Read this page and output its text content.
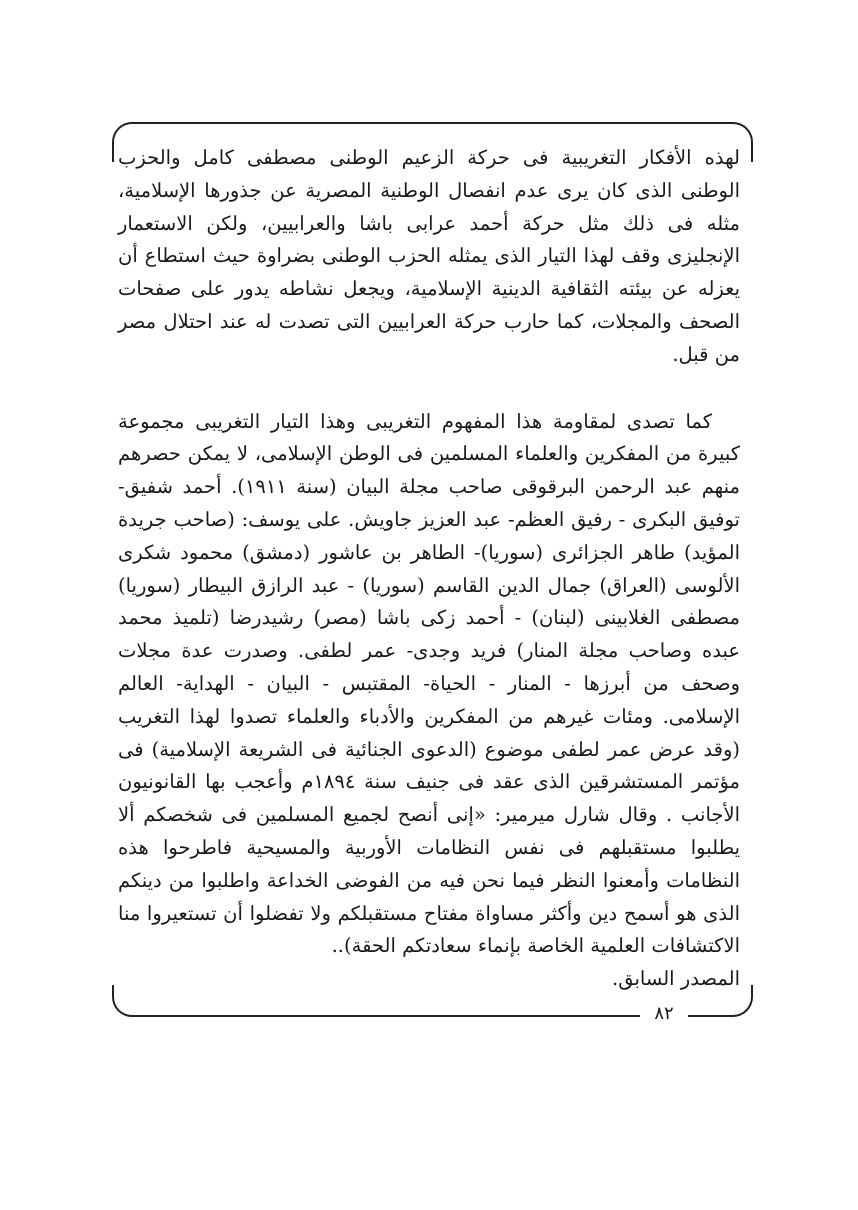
لهذه الأفكار التغريبية فى حركة الزعيم الوطنى مصطفى كامل والحزب الوطنى الذى كان يرى عدم انفصال الوطنية المصرية عن جذورها الإسلامية، مثله فى ذلك مثل حركة أحمد عرابى باشا والعرابيين، ولكن الاستعمار الإنجليزى وقف لهذا التيار الذى يمثله الحزب الوطنى بضراوة حيث استطاع أن يعزله عن بيئته الثقافية الدينية الإسلامية، ويجعل نشاطه يدور على صفحات الصحف والمجلات، كما حارب حركة العرابيين التى تصدت له عند احتلال مصر من قبل.

كما تصدى لمقاومة هذا المفهوم التغريبى وهذا التيار التغريبى مجموعة كبيرة من المفكرين والعلماء المسلمين فى الوطن الإسلامى، لا يمكن حصرهم منهم عبد الرحمن البرقوقى صاحب مجلة البيان (سنة ١٩١١). أحمد شفيق- توفيق البكرى - رفيق العظم- عبد العزيز جاويش. على يوسف: (صاحب جريدة المؤيد) طاهر الجزائرى (سوريا)- الطاهر بن عاشور (دمشق) محمود شكرى الألوسى (العراق) جمال الدين القاسم (سوريا) - عبد الرازق البيطار (سوريا) مصطفى الغلابينى (لبنان) - أحمد زكى باشا (مصر) رشيدرضا (تلميذ محمد عبده وصاحب مجلة المنار) فريد وجدى- عمر لطفى. وصدرت عدة مجلات وصحف من أبرزها - المنار - الحياة- المقتبس - البيان - الهداية- العالم الإسلامى. ومئات غيرهم من المفكرين والأدباء والعلماء تصدوا لهذا التغريب (وقد عرض عمر لطفى موضوع (الدعوى الجنائية فى الشريعة الإسلامية) فى مؤتمر المستشرقين الذى عقد فى جنيف سنة ١٨٩٤م وأعجب بها القانونيون الأجانب . وقال شارل ميرمير: «إنى أنصح لجميع المسلمين فى شخصكم ألا يطلبوا مستقبلهم فى نفس النظامات الأوربية والمسيحية فاطرحوا هذه النظامات وأمعنوا النظر فيما نحن فيه من الفوضى الخداعة واطلبوا من دينكم الذى هو أسمح دين وأكثر مساواة مفتاح مستقبلكم ولا تفضلوا أن تستعيروا منا الاكتشافات العلمية الخاصة بإنماء سعادتكم الحقة)..

المصدر السابق.

٨٢
